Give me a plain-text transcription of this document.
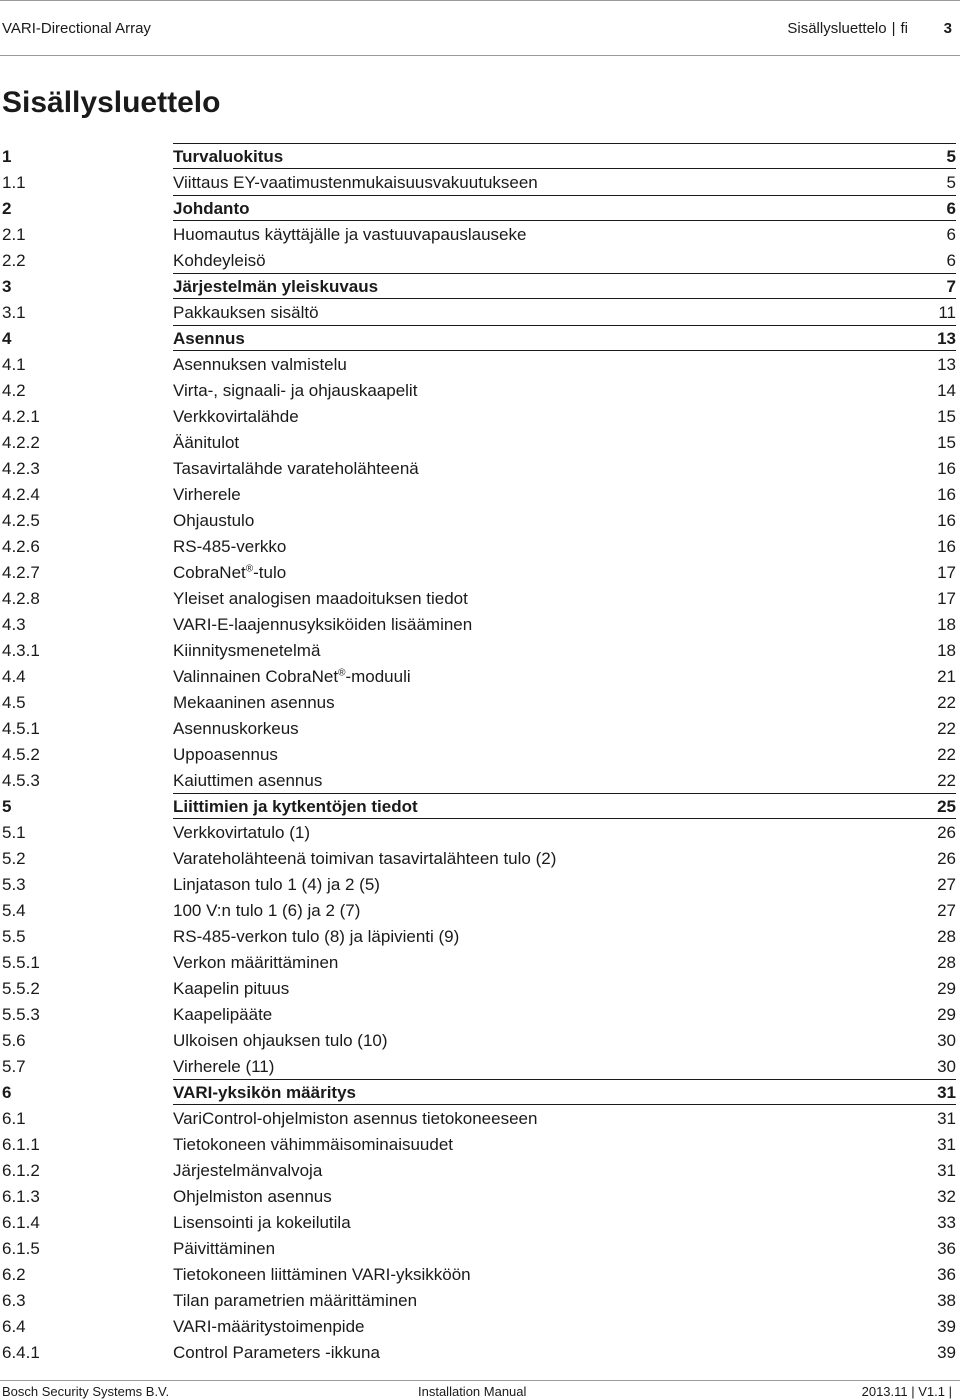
VARI-Directional Array	Sisällysluettelo | fi 3
Sisällysluettelo
1	Turvaluokitus	5
1.1	Viittaus EY-vaatimustenmukaisuusvakuutukseen	5
2	Johdanto	6
2.1	Huomautus käyttäjälle ja vastuuvapauslauseke	6
2.2	Kohdeyleisö	6
3	Järjestelmän yleiskuvaus	7
3.1	Pakkauksen sisältö	11
4	Asennus	13
4.1	Asennuksen valmistelu	13
4.2	Virta-, signaali- ja ohjauskaapelit	14
4.2.1	Verkkovirtalähde	15
4.2.2	Äänitulot	15
4.2.3	Tasavirtalähde varateholähteenä	16
4.2.4	Virherele	16
4.2.5	Ohjaustulo	16
4.2.6	RS-485-verkko	16
4.2.7	CobraNet®-tulo	17
4.2.8	Yleiset analogisen maadoituksen tiedot	17
4.3	VARI-E-laajennusyksiköiden lisääminen	18
4.3.1	Kiinnitysmenetelmä	18
4.4	Valinnainen CobraNet®-moduuli	21
4.5	Mekaaninen asennus	22
4.5.1	Asennuskorkeus	22
4.5.2	Uppoasennus	22
4.5.3	Kaiuttimen asennus	22
5	Liittimien ja kytkentöjen tiedot	25
5.1	Verkkovirtatulo (1)	26
5.2	Varateholähteenä toimivan tasavirtalähteen tulo (2)	26
5.3	Linjatason tulo 1 (4) ja 2 (5)	27
5.4	100 V:n tulo 1 (6) ja 2 (7)	27
5.5	RS-485-verkon tulo (8) ja läpivienti (9)	28
5.5.1	Verkon määrittäminen	28
5.5.2	Kaapelin pituus	29
5.5.3	Kaapelipääte	29
5.6	Ulkoisen ohjauksen tulo (10)	30
5.7	Virherele (11)	30
6	VARI-yksikön määritys	31
6.1	VariControl-ohjelmiston asennus tietokoneeseen	31
6.1.1	Tietokoneen vähimmäisominaisuudet	31
6.1.2	Järjestelmänvalvoja	31
6.1.3	Ohjelmiston asennus	32
6.1.4	Lisensointi ja kokeilutila	33
6.1.5	Päivittäminen	36
6.2	Tietokoneen liittäminen VARI-yksikköön	36
6.3	Tilan parametrien määrittäminen	38
6.4	VARI-määritystoimenpide	39
6.4.1	Control Parameters -ikkuna	39
Bosch Security Systems B.V.	Installation Manual	2013.11 | V1.1 |
